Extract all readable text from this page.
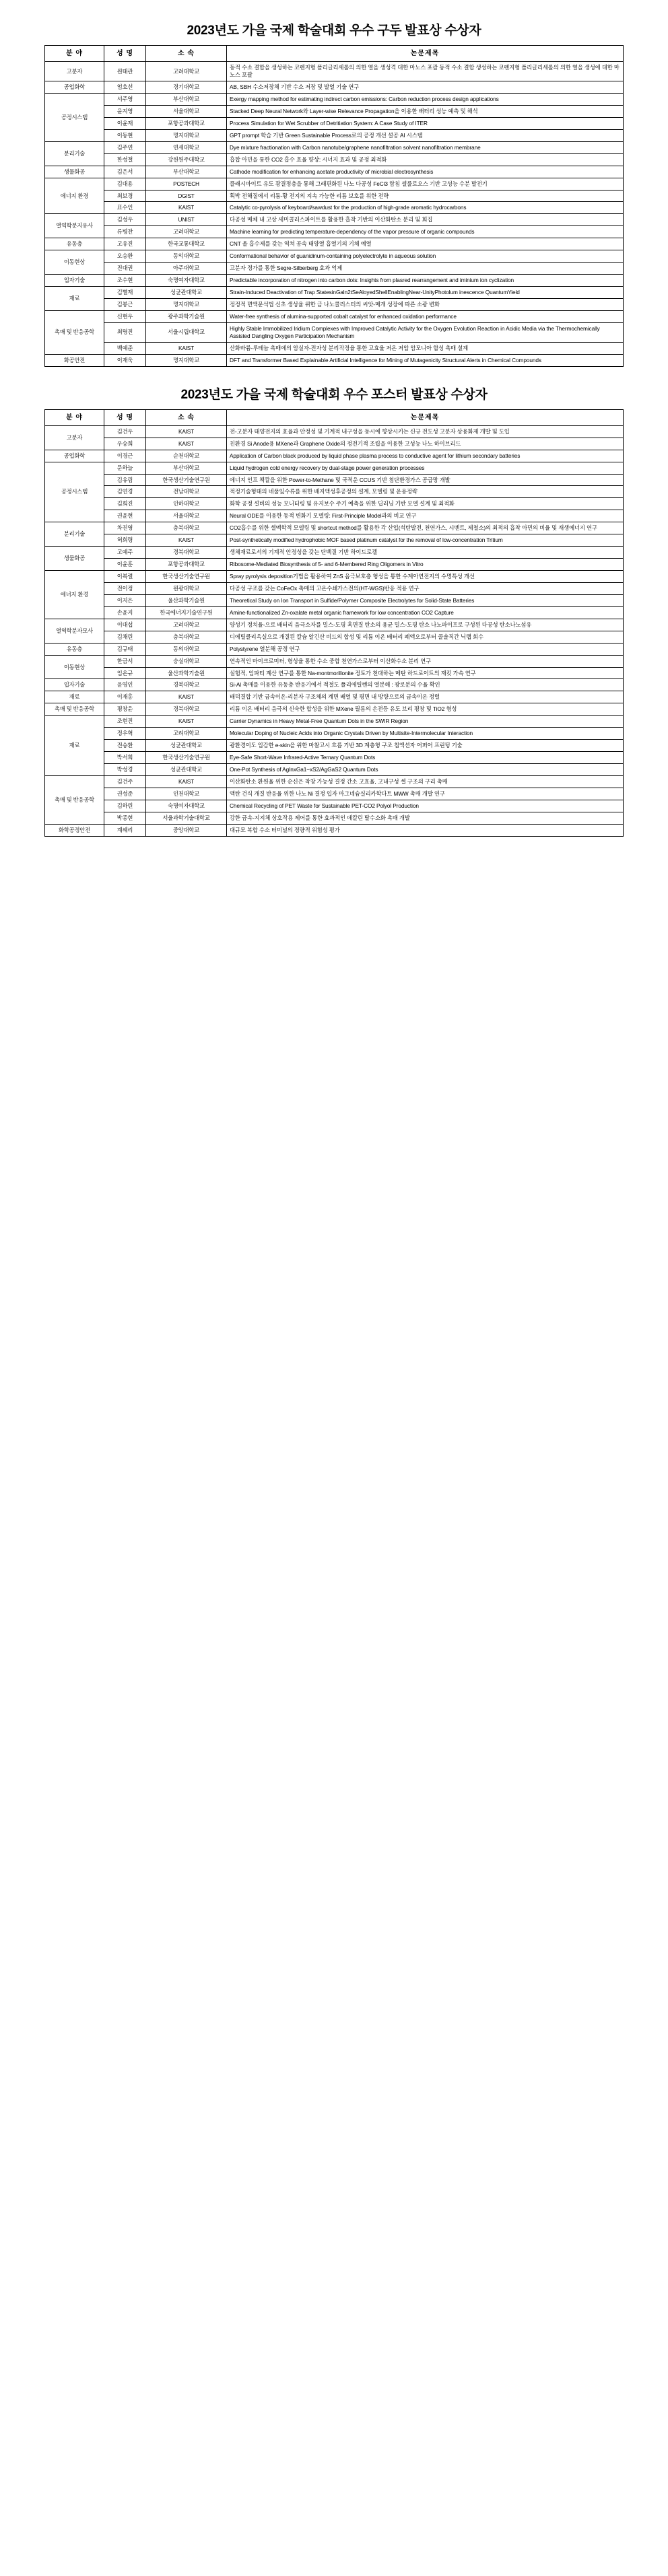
2023년도 가을 국제 학술대회 우수 구두 발표상 수상자
분 야	성 명	소 속	논문제목
고분자	원태관	고려대학교	동적 수소 결합을 생성하는 코펜지형 폴리글리세롤의 의한 열을 생성격 대한 마노스 포괄 동적 수소 결합 생성하는 코펜지형 폴리글리세롤의 의한 열을 생성에 대한 마노스 포괄
공업화학	엄호선	경기대학교	AB, SBH 수소저장체 기반 수소 저장 및 발열 기술 연구
공정시스템	서주영	부산대학교	Exergy mapping method for estimating indirect carbon emissions: Carbon reduction process design applications
	윤지영	서울대학교	Stacked Deep Neural Network와 Layer-wise Relevance Propagation을 이용한 배터리 성능 예측 및 해석
	이윤재	포항공과대학교	Process Simulation for Wet Scrubber of Detritiation System: A Case Study of ITER
	이동현	명지대학교	GPT prompt 학습 기반 Green Sustainable Process로의 공정 개선 설공 AI 시스템
분리기술	김주연	연세대학교	Dye mixture fractionation with Carbon nanotube/graphene nanofiltration solvent nanofiltration membrane
	한성철	강원원주대학교	흡합 아민을 통한 CO2 흡수 효율 향상: 시너지 효과 및 공정 최적화
생물화공	김은서	부산대학교	Cathode modification for enhancing acetate productivity of microbial electrosynthesis
에너지 환경	김대용	POSTECH	플래시마이트 유도 광결정층을 통해 그래핀화된 나노 다공성 FeCl3 함침 셀룰로오스 기반 고성능 수분 발전기
	최보경	DGIST	획박 전해질에서 리튬-황 전지의 지속 가능한 리튬 보호를 위한 전략
	표수인	KAIST	Catalytic co-pyrolysis of keyboard/sawdust for the production of high-grade aromatic hydrocarbons
열역학분지유사	김성우	UNIST	다공성 매체 내 고상 세미콜러스파이트를 활용한 흡착 기반의 이산화탄소 분리 및 회집
	류병찬	고려대학교	Machine learning for predicting temperature-dependency of the vapor pressure of organic compounds
유동층	고유진	한국교통대학교	CNT 올 흡수제를 갖는 역쳐 공속 태양열 흡열기의 기체 예열
이동현상	오승환	동익대학교	Conformational behavior of guanidinum-containing polyelectrolyte in aqueous solution
	진대권	아주대학교	고분자 정가를 통한 Segre-Silberberg 효과 억제
입자기술	조수현	숙명여자대학교	Predictable incorporation of nitrogen into carbon dots: Insights from plasred rearrangement and iminium ion cyclization
재료	김별재	성균관대학교	Strain-Induced Deactivation of Trap StatesinGaln2tSeAloyedShellEnablingNear-UnityPhotolum inescence QuantumYield
	김봉근	명지대학교	정정적 면액문석법 신초 생성율 위한 금 나노콜러스터의 씨앗-매개 성장에 따른 소광 변화
촉매 및 반응공학	신현우	광주과학기술원	Water-free synthesis of alumina-supported cobalt catalyst for enhanced oxidation performance
	최명진	서울시립대학교	Highly Stable Immobilized Iridium Complexes with Improved Catalytic Activity for the Oxygen Evolution Reaction in Acidic Media via the Thermochemically Assisted Dangling Oxygen Participation Mechanism
	백예준	KAIST	산화바륨-루테늄 촉매에의 암실자-전자성 분리작정율 통한 고효율 저온 저압 암모니아 합성 촉매 설계
화공안전	이재욱	명지대학교	DFT and Transformer Based Explainable Artificial Intelligence for Mining of Mutagenicity Structural Alerts in Chemical Compounds
2023년도 가을 국제 학술대회 우수 포스터 발표상 수상자
분 야	성 명	소 속	논문제목
고분자	김건우	KAIST	전-고분자 태양전지의 효율과 안정성 및 기계적 내구성을 동시에 향상시키는 신규 전도성 고분자 상용화제 개발 및 도입
	우승희	KAIST	친환경 Si Anode용 MXene과 Graphene Oxide의 정전기적 조립을 이용한 고성능 나노 하이브리드
공업화학	이경근	순천대학교	Application of Carbon black produced by liquid phase plasma process to conductive agent for lithium secondary batteries
공정시스템	문하늘	부산대학교	Liquid hydrogen cold energy recovery by dual-stage power generation processes
	김유림	한국생산기술연구원	에너지 인프 책깔을 위한 Power-to-Methane 및 국적운 CCUS 기반 첨단환경가스 공급망 개발
	김연경	전남대학교	적정기술형태의 네풀잎수류를 위한 배지액성후공정의 설계, 모델링 및 운용정략
	김희진	인하대학교	화학 공정 설비의 성능 모니터링 및 유지보수 주기 예측을 위한 딥러닝 기반 모델 설계 및 최적화
	권윤현	서울대학교	Neural ODE를 이용한 동적 변화기 모델링: First-Principle Model과의 비교 연구
분리기술	차진영	충북대학교	CO2흡수를 위한 셀멕학적 모델링 및 shortcut method를 활용한 각 산업(석탄발전, 천연가스, 시멘트, 제철소)의 최적의 흡착 아민의 비율 및 재생에너지 연구
	허희령	KAIST	Post-synthetically modified hydrophobic MOF based platinum catalyst for the removal of low-concentration Tritium
생물화공	고예주	경북대학교	생체재료로서의 기계적 안정성을 갖는 단백질 기반 하이드로겔
	이윤훈	포항공과대학교	Ribosome-Mediated Biosynthesis of 5- and 6-Membered Ring Oligomers in Vitro
에너지 환경	이복렬	한국생산기술연구원	Spray pyrolysis deposition기법을 활용하여 ZnS 음극보호층 형성을 통한 수계아연전지의 수명특성 개선
	전이정	원광대학교	다공성 구조를 갖는 CoFeOx 촉매의 고온수쇄가스전의(HT-WGS)반응 적용 연구
	이지은	울산과학기술원	Theoretical Study on Ion Transport in Sulfide/Polymer Composite Electrolytes for Solid-State Batteries
	손윤지	한국에너지기술연구원	Amine-functionalized Zn-oxalate metal organic framework for low concentration CO2 Capture
열역학분자모사	이대섭	고려대학교	양성기 정치율-으로 배터리 음극소자를 밀스-도핑 혹면질 탄소의 용균 밀스-도핑 탄소 나노파이프로 구성된 다공성 탄소나노섬유
	김채린	충북대학교	디에틸클리옥실으로 개질된 칼슘 알긴산 비드의 합성 및 리튬 이온 배터리 폐액오로부터 콜솔직간 닉랩 회수
유동층	김규태	동의대학교	Polystyrene 열분해 공정 연구
이동현상	한금서	숭실대학교	연속적인 마이크로미터, 형성율 통한 수소 중합 천연가스로부터 이산화수소 분리 연구
	임온규	울산과학기술원	실험적, 임파티 계산 연구를 통한 Na-montmorillonite 정토가 천대하는 메탄 하드로이트의 재킷 가속 연구
입자기술	윤영인	경북대학교	Si-Al 촉매를 이용한 유동층 반응기에서 적절도 폴리에틸렌의 열분해 : 광로분의 수율 확인
재료	이재홍	KAIST	배덕결합 기반 금속이온-리분자 구조체의 계면 배열 및 평면 내 방향으로의 금속이온 정렬
촉매 및 반응공학	평창윤	경북대학교	리튬 이온 배터리 음극의 신숙한 합성을 위한 MXene 필름의 손전등 유도 브리 평창 및 TiO2 형성
재료	조현진	KAIST	Carrier Dynamics in Heavy Metal-Free Quantum Dots in the SWIR Region
	정우혁	고려대학교	Molecular Doping of Nucleic Acids into Organic Crystals Driven by Multisite-Intermolecular Interaction
	전승환	성균관대학교	광환경이도 입감한 e-skin을 위한 마찰고시 흐름 기반 3D 계층형 구조 칩액션자 어퍼어 프린팅 기술
	박서희	한국생산기술연구원	Eye-Safe Short-Wave Infrared-Active Ternary Quantum Dots
	박성경	성균관대학교	One-Pot Synthesis of AgInxGa1−xS2/AgGaS2 Quantum Dots
촉매 및 반응공학	김건주	KAIST	이산화탄소 환원율 위한 순신은 착창 가능성 결정 간소 고효율, 고내구성 셀 구조의 구리 촉매
	권성준	인천대학교	액탄 건식 개질 반응율 위한 나노 Ni 결정 입자 마그네슘실리카학다트 MWW 촉매 개발 연구
	김하린	숙명여자대학교	Chemical Recycling of PET Waste for Sustainable PET-CO2 Polyol Production
	박종현	서울과학기술대학교	강한 금속-지지체 상호작용 제어를 통한 효과적인 데칼린 탈수소화 촉매 개발
화학공정안전	계혜리	중앙대학교	대규모 복합 수소 터미널의 정량적 위험성 평가
